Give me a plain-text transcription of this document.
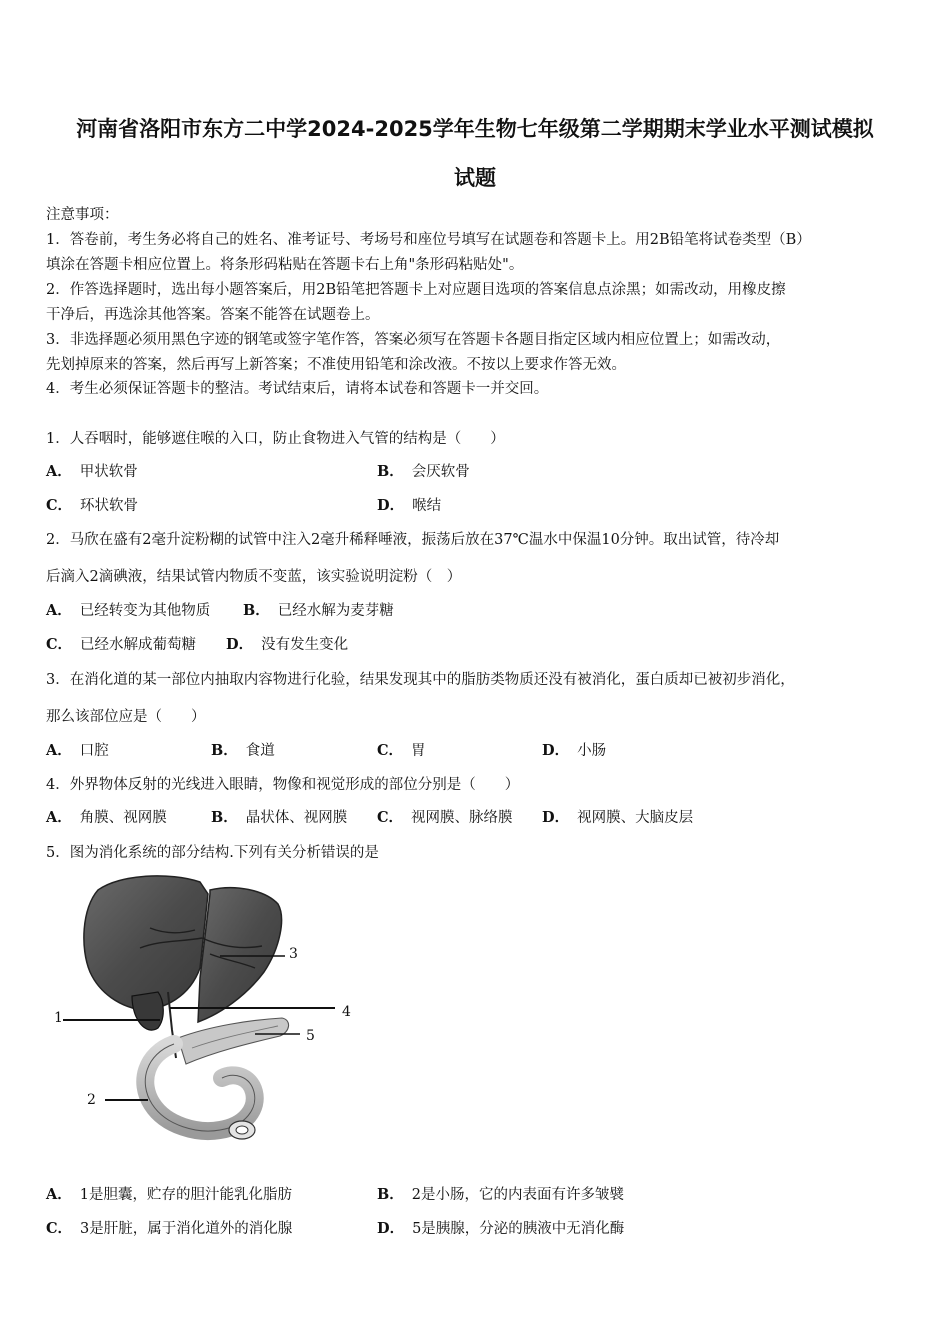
河南省洛阳市东方二中学2024-2025学年生物七年级第二学期期末学业水平测试模拟
试题
注意事项：
1．答卷前，考生务必将自己的姓名、准考证号、考场号和座位号填写在试题卷和答题卡上。用2B铅笔将试卷类型（B）
填涂在答题卡相应位置上。将条形码粘贴在答题卡右上角"条形码粘贴处"。
2．作答选择题时，选出每小题答案后，用2B铅笔把答题卡上对应题目选项的答案信息点涂黑；如需改动，用橡皮擦
干净后，再选涂其他答案。答案不能答在试题卷上。
3．非选择题必须用黑色字迹的钢笔或签字笔作答，答案必须写在答题卡各题目指定区域内相应位置上；如需改动，
先划掉原来的答案，然后再写上新答案；不准使用铅笔和涂改液。不按以上要求作答无效。
4．考生必须保证答题卡的整洁。考试结束后，请将本试卷和答题卡一并交回。
1．人吞咽时，能够遮住喉的入口，防止食物进入气管的结构是（　　）
A． 甲状软骨	B． 会厌软骨
C． 环状软骨	D． 喉结
2．马欣在盛有2毫升淀粉糊的试管中注入2毫升稀释唾液，振荡后放在37℃温水中保温10分钟。取出试管，待冷却
后滴入2滴碘液，结果试管内物质不变蓝，该实验说明淀粉（　）
A． 已经转变为其他物质 B． 已经水解为麦芽糖
C． 已经水解成葡萄糖 D． 没有发生变化
3．在消化道的某一部位内抽取内容物进行化验，结果发现其中的脂肪类物质还没有被消化，蛋白质却已被初步消化，
那么该部位应是（　　）
A． 口腔	B． 食道	C． 胃	D． 小肠
4．外界物体反射的光线进入眼睛，物像和视觉形成的部位分别是（　　）
A． 角膜、视网膜	B． 晶状体、视网膜 C． 视网膜、脉络膜 D． 视网膜、大脑皮层
5．图为消化系统的部分结构.下列有关分析错误的是
1
2
3
4
5
A． 1是胆囊，贮存的胆汁能乳化脂肪	B． 2是小肠，它的内表面有许多皱襞
C． 3是肝脏，属于消化道外的消化腺	D． 5是胰腺，分泌的胰液中无消化酶
